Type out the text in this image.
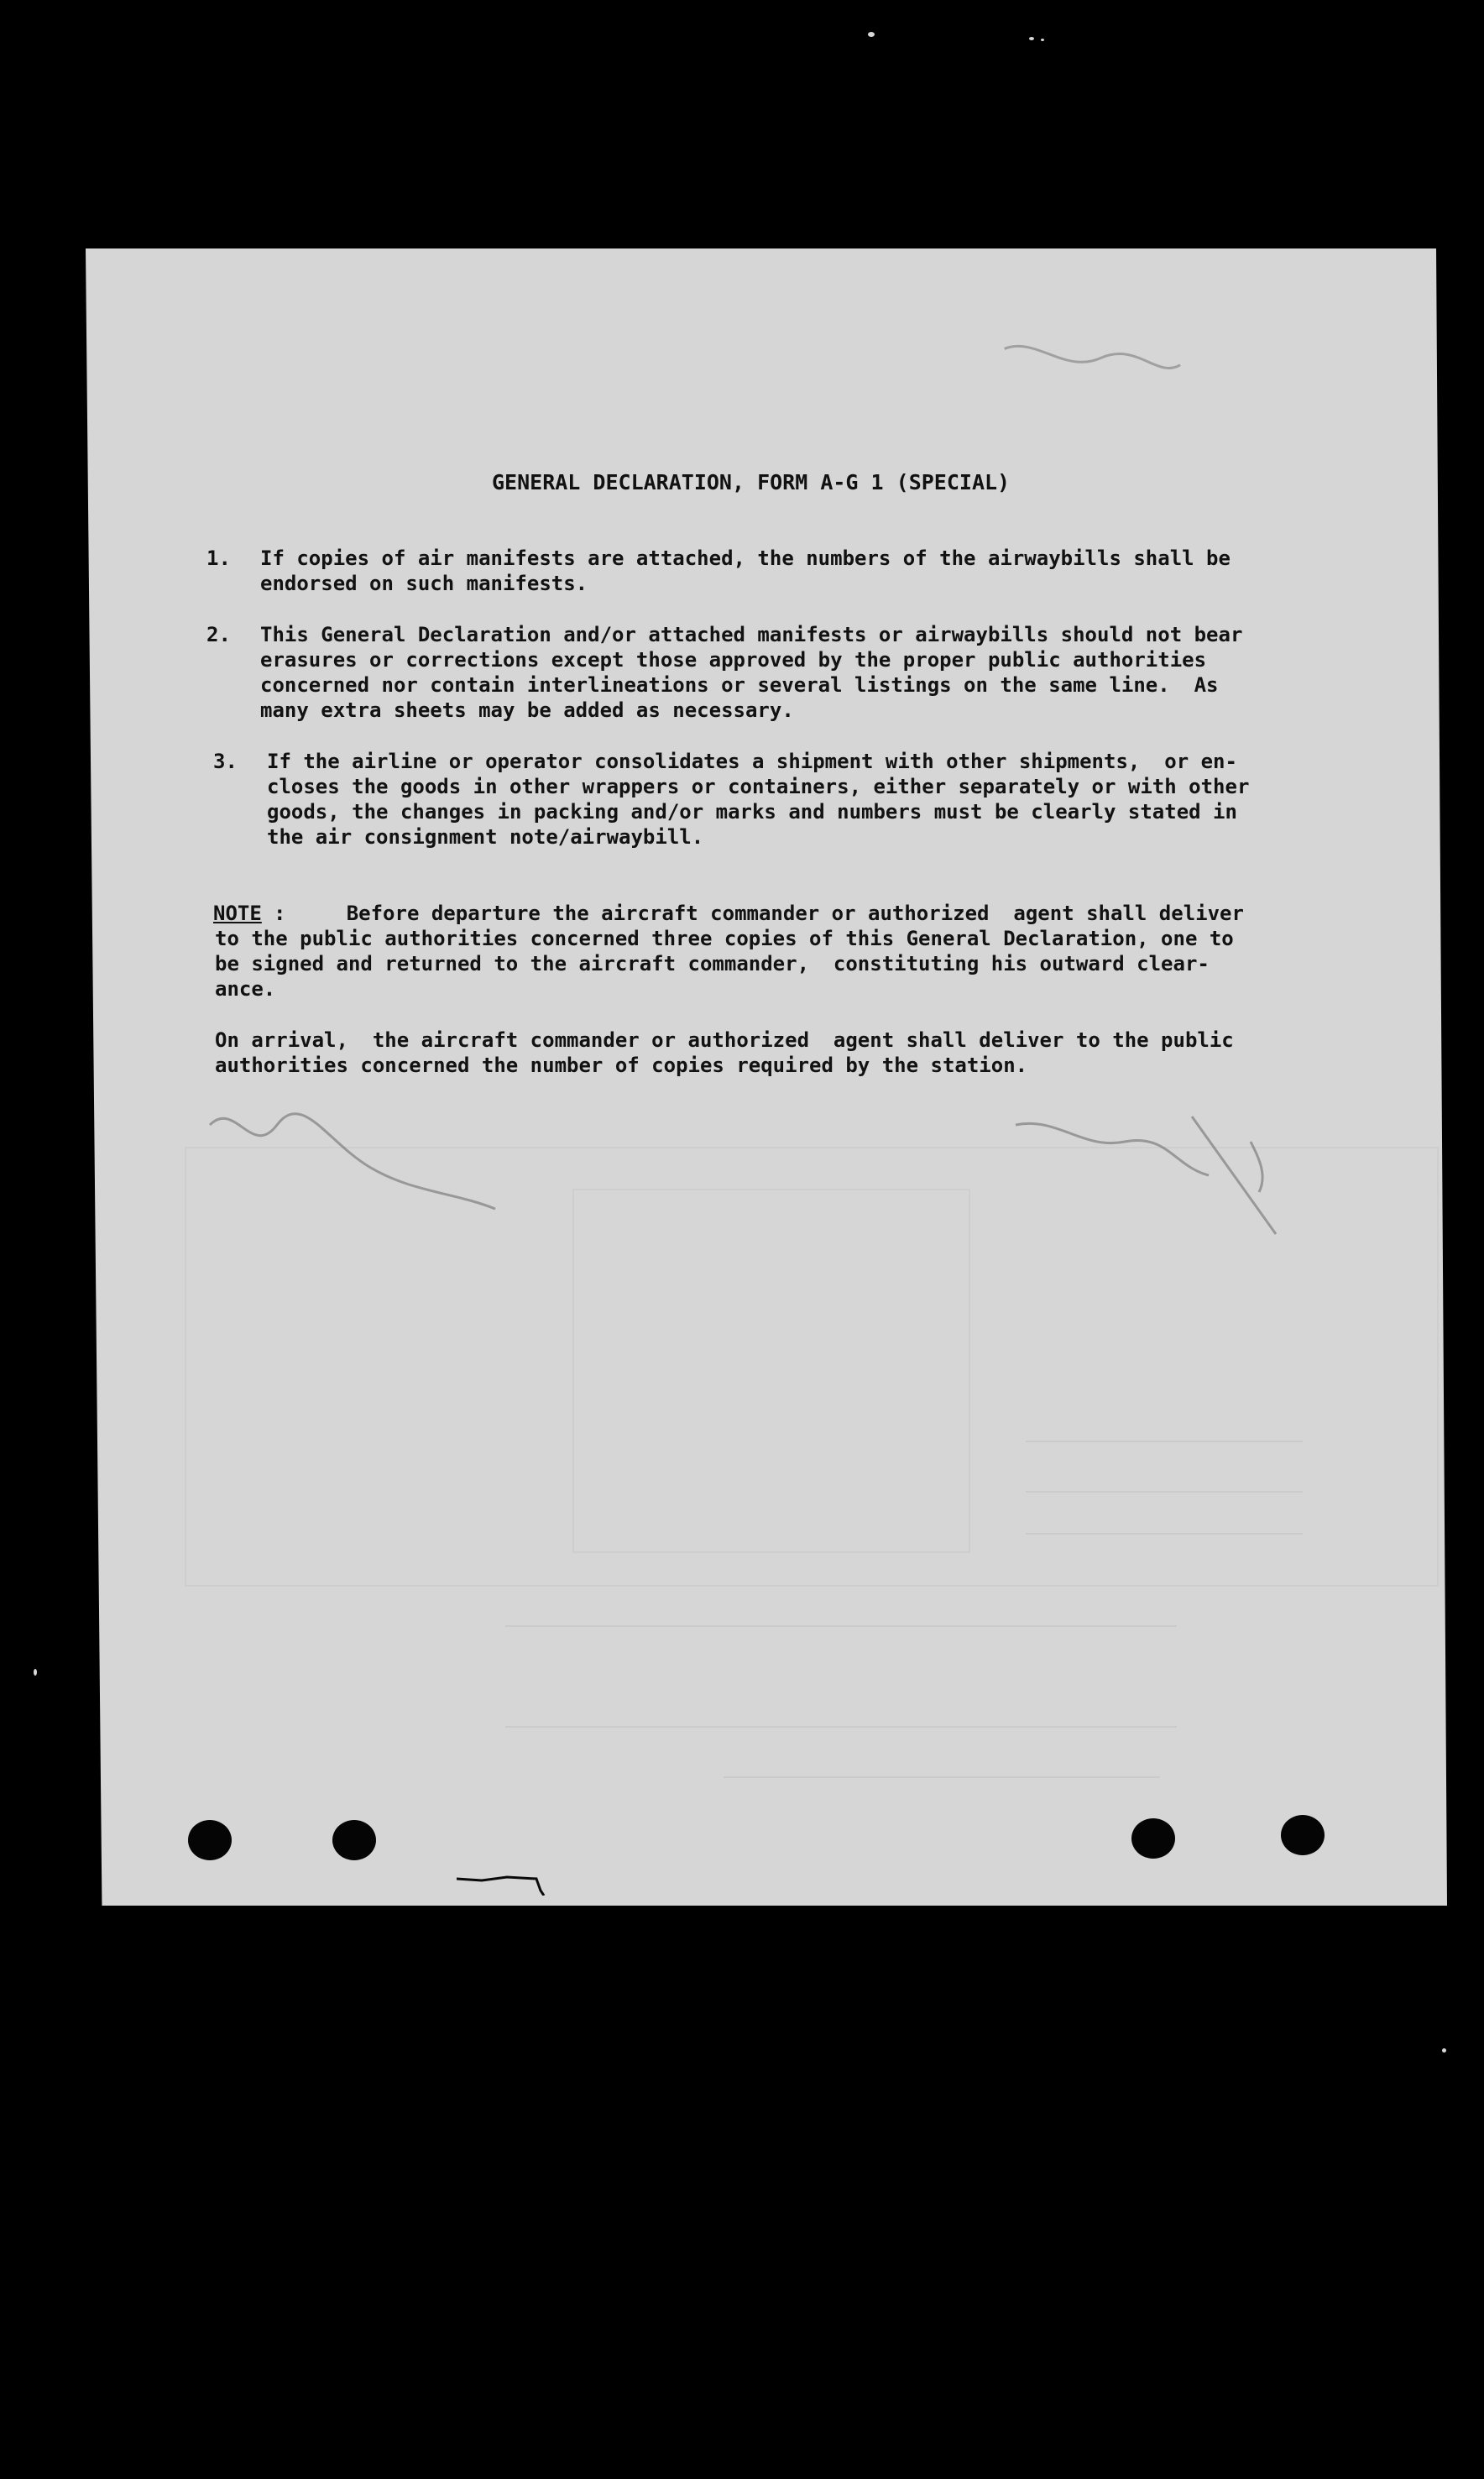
GENERAL DECLARATION, FORM A-G 1 (SPECIAL)
1. If copies of air manifests are attached, the numbers of the airwaybills shall be
endorsed on such manifests.
2. This General Declaration and/or attached manifests or airwaybills should not bear
erasures or corrections except those approved by the proper public authorities
concerned nor contain interlineations or several listings on the same line.  As
many extra sheets may be added as necessary.
3. If the airline or operator consolidates a shipment with other shipments,  or en-
closes the goods in other wrappers or containers, either separately or with other
goods, the changes in packing and/or marks and numbers must be clearly stated in
the air consignment note/airwaybill.
NOTE :     Before departure the aircraft commander or authorized  agent shall deliver
to the public authorities concerned three copies of this General Declaration, one to
be signed and returned to the aircraft commander,  constituting his outward clear-
ance.
On arrival,  the aircraft commander or authorized  agent shall deliver to the public
authorities concerned the number of copies required by the station.
